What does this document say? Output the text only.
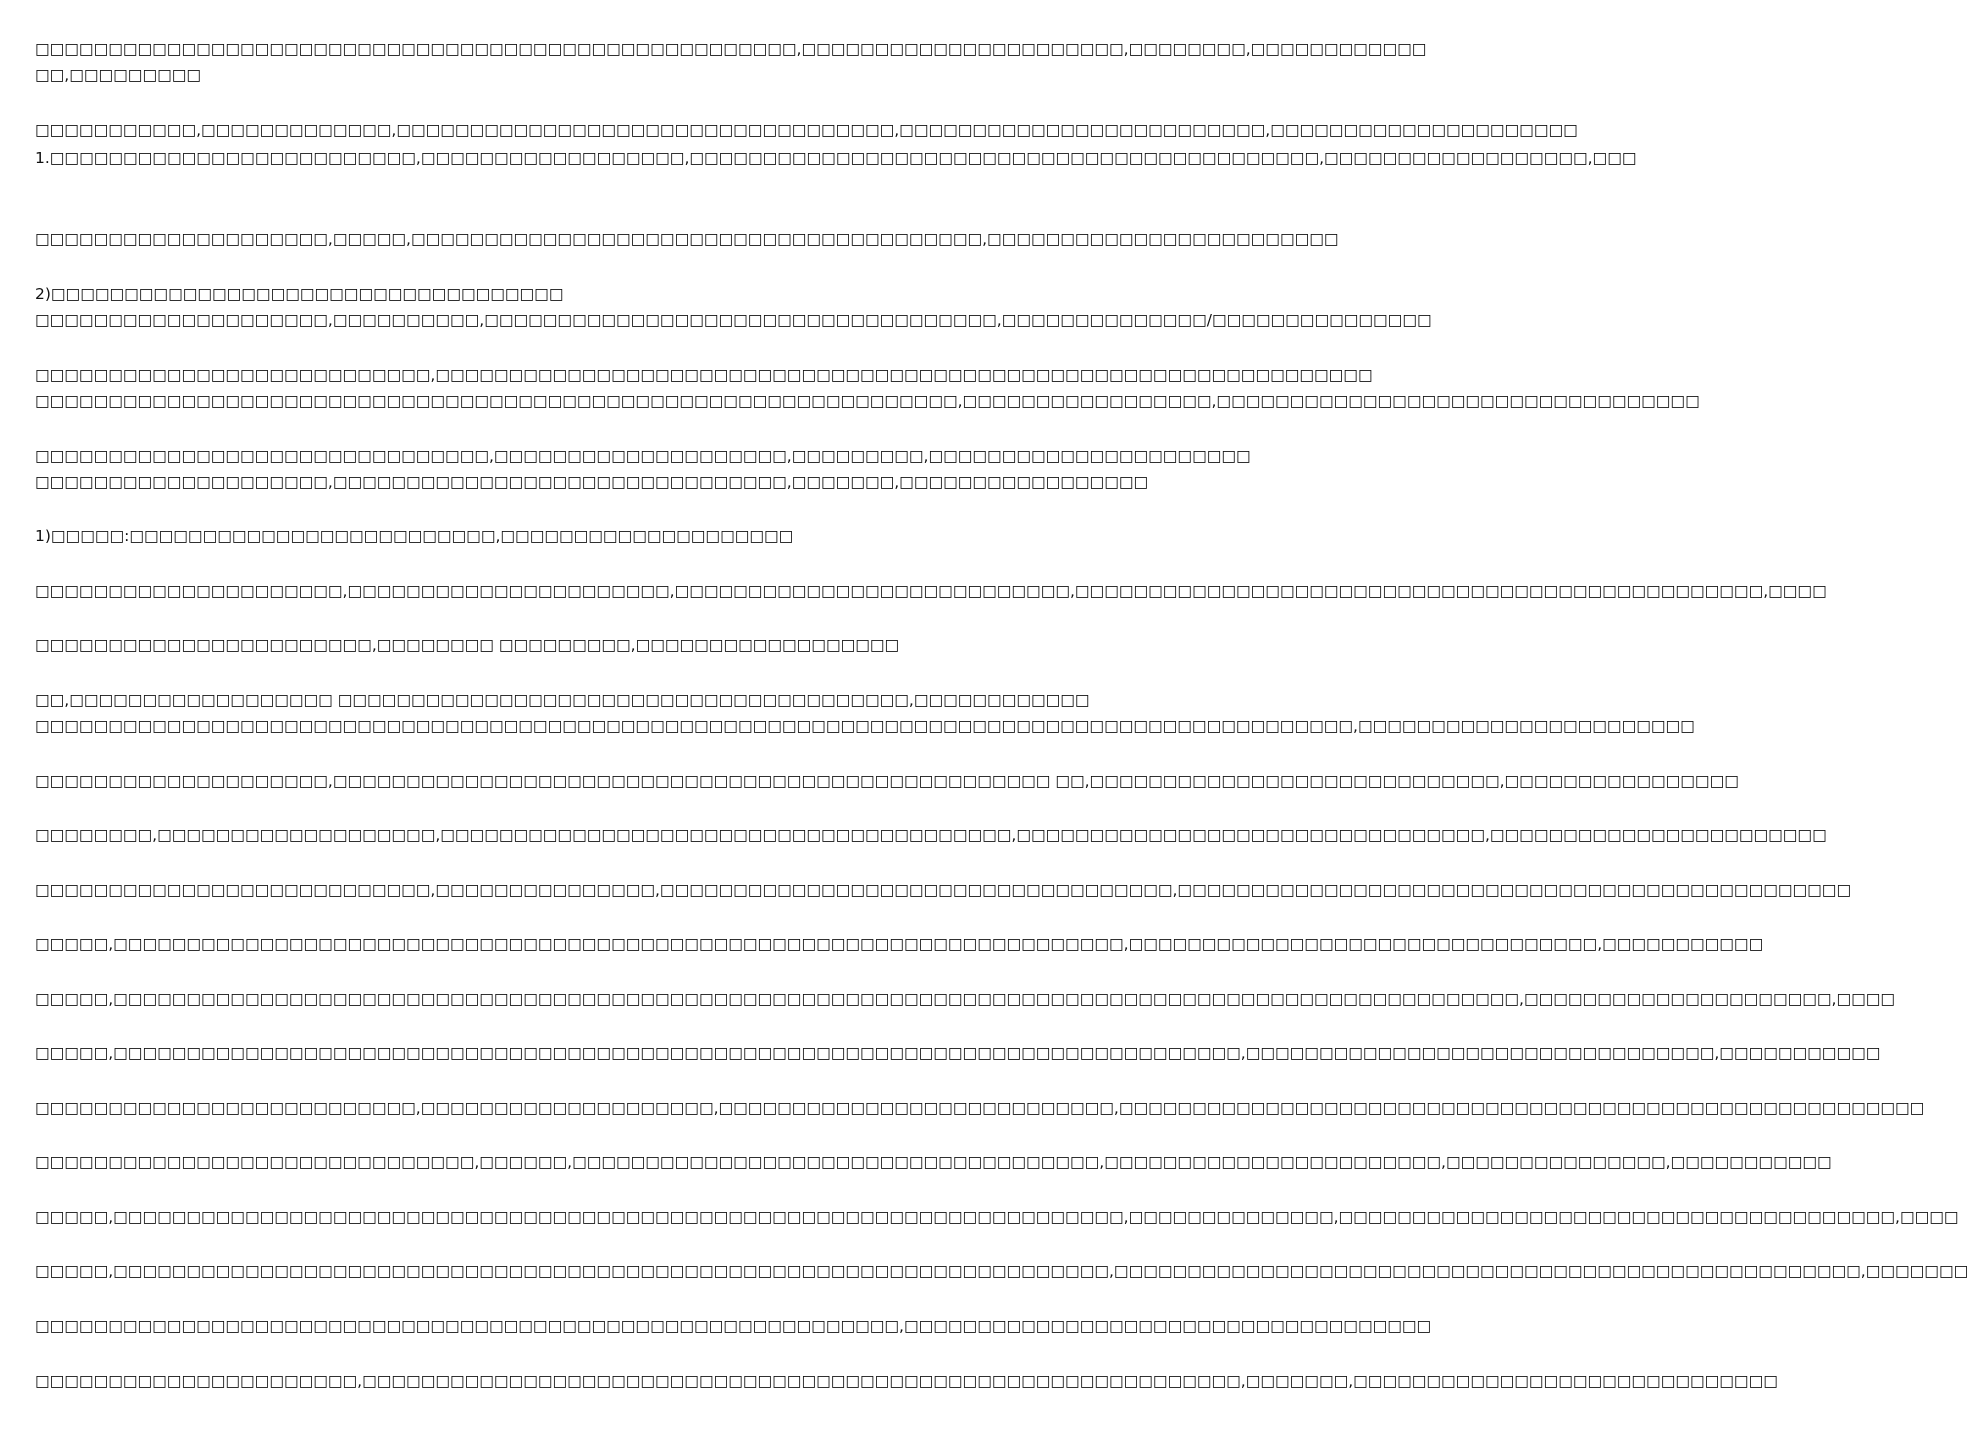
□□□□□□□□□□□□□□□□□□□□□□□□□□□□□□□□□□□□□□□□□□□□□□□□□□□□,□□□□□□□□□□□□□□□□□□□□□□,□□□□□□□□,□□□□□□□□□□□□
□□,□□□□□□□□□
□□□□□□□□□□□,□□□□□□□□□□□□□,□□□□□□□□□□□□□□□□□□□□□□□□□□□□□□□□□□,□□□□□□□□□□□□□□□□□□□□□□□□□,□□□□□□□□□□□□□□□□□□□□□
1.□□□□□□□□□□□□□□□□□□□□□□□□□,□□□□□□□□□□□□□□□□□□,□□□□□□□□□□□□□□□□□□□□□□□□□□□□□□□□□□□□□□□□□□□,□□□□□□□□□□□□□□□□□□,□□□
□□□□□□□□□□□□□□□□□□□□,□□□□□,□□□□□□□□□□□□□□□□□□□□□□□□□□□□□□□□□□□□□□□,□□□□□□□□□□□□□□□□□□□□□□□□
2)□□□□□□□□□□□□□□□□□□□□□□□□□□□□□□□□□□□
□□□□□□□□□□□□□□□□□□□□,□□□□□□□□□□,□□□□□□□□□□□□□□□□□□□□□□□□□□□□□□□□□□□,□□□□□□□□□□□□□□/□□□□□□□□□□□□□□□
□□□□□□□□□□□□□□□□□□□□□□□□□□□,□□□□□□□□□□□□□□□□□□□□□□□□□□□□□□□□□□□□□□□□□□□□□□□□□□□□□□□□□□□□□□□□
□□□□□□□□□□□□□□□□□□□□□□□□□□□□□□□□□□□□□□□□□□□□□□□□□□□□□□□□□□□□□□□,□□□□□□□□□□□□□□□□□,□□□□□□□□□□□□□□□□□□□□□□□□□□□□□□□□□
□□□□□□□□□□□□□□□□□□□□□□□□□□□□□□□,□□□□□□□□□□□□□□□□□□□□,□□□□□□□□□,□□□□□□□□□□□□□□□□□□□□□□
□□□□□□□□□□□□□□□□□□□□,□□□□□□□□□□□□□□□□□□□□□□□□□□□□□□□,□□□□□□□,□□□□□□□□□□□□□□□□□
1)□□□□□:□□□□□□□□□□□□□□□□□□□□□□□□□,□□□□□□□□□□□□□□□□□□□□
□□□□□□□□□□□□□□□□□□□□□,□□□□□□□□□□□□□□□□□□□□□□,□□□□□□□□□□□□□□□□□□□□□□□□□□□,□□□□□□□□□□□□□□□□□□□□□□□□□□□□□□□□□□□□□□□□□□□□□□□,□□□□
□□□□□□□□□□□□□□□□□□□□□□□,□□□□□□□□ □□□□□□□□□,□□□□□□□□□□□□□□□□□□
□□,□□□□□□□□□□□□□□□□□□ □□□□□□□□□□□□□□□□□□□□□□□□□□□□□□□□□□□□□□□,□□□□□□□□□□□□
□□□□□□□□□□□□□□□□□□□□□□□□□□□□□□□□□□□□□□□□□□□□□□□□□□□□□□□□□□□□□□□□□□□□□□□□□□□□□□□□□□□□□□□□□□,□□□□□□□□□□□□□□□□□□□□□□□
□□□□□□□□□□□□□□□□□□□□,□□□□□□□□□□□□□□□□□□□□□□□□□□□□□□□□□□□□□□□□□□□□□□□□□ □□,□□□□□□□□□□□□□□□□□□□□□□□□□□□□,□□□□□□□□□□□□□□□□
□□□□□□□□,□□□□□□□□□□□□□□□□□□□,□□□□□□□□□□□□□□□□□□□□□□□□□□□□□□□□□□□□□□□,□□□□□□□□□□□□□□□□□□□□□□□□□□□□□□□□,□□□□□□□□□□□□□□□□□□□□□□□
□□□□□□□□□□□□□□□□□□□□□□□□□□□,□□□□□□□□□□□□□□□,□□□□□□□□□□□□□□□□□□□□□□□□□□□□□□□□□□□,□□□□□□□□□□□□□□□□□□□□□□□□□□□□□□□□□□□□□□□□□□□□□□
□□□□□,□□□□□□□□□□□□□□□□□□□□□□□□□□□□□□□□□□□□□□□□□□□□□□□□□□□□□□□□□□□□□□□□□□□□□,□□□□□□□□□□□□□□□□□□□□□□□□□□□□□□□□,□□□□□□□□□□□
□□□□□,□□□□□□□□□□□□□□□□□□□□□□□□□□□□□□□□□□□□□□□□□□□□□□□□□□□□□□□□□□□□□□□□□□□□□□□□□□□□□□□□□□□□□□□□□□□□□□□□,□□□□□□□□□□□□□□□□□□□□□,□□□□
□□□□□,□□□□□□□□□□□□□□□□□□□□□□□□□□□□□□□□□□□□□□□□□□□□□□□□□□□□□□□□□□□□□□□□□□□□□□□□□□□□□,□□□□□□□□□□□□□□□□□□□□□□□□□□□□□□□□,□□□□□□□□□□□
□□□□□□□□□□□□□□□□□□□□□□□□□□,□□□□□□□□□□□□□□□□□□□□,□□□□□□□□□□□□□□□□□□□□□□□□□□□,□□□□□□□□□□□□□□□□□□□□□□□□□□□□□□□□□□□□□□□□□□□□□□□□□□□□□□□
□□□□□□□□□□□□□□□□□□□□□□□□□□□□□□,□□□□□□,□□□□□□□□□□□□□□□□□□□□□□□□□□□□□□□□□□□□,□□□□□□□□□□□□□□□□□□□□□□□,□□□□□□□□□□□□□□□,□□□□□□□□□□□
□□□□□,□□□□□□□□□□□□□□□□□□□□□□□□□□□□□□□□□□□□□□□□□□□□□□□□□□□□□□□□□□□□□□□□□□□□□,□□□□□□□□□□□□□□,□□□□□□□□□□□□□□□□□□□□□□□□□□□□□□□□□□□□□□,□□□□
□□□□□,□□□□□□□□□□□□□□□□□□□□□□□□□□□□□□□□□□□□□□□□□□□□□□□□□□□□□□□□□□□□□□□□□□□□,□□□□□□□□□□□□□□□□□□□□□□□□□□□□□□□□□□□□□□□□□□□□□□□□□□□,□□□□□□□
□□□□□□□□□□□□□□□□□□□□□□□□□□□□□□□□□□□□□□□□□□□□□□□□□□□□□□□□□□□,□□□□□□□□□□□□□□□□□□□□□□□□□□□□□□□□□□□□
□□□□□□□□□□□□□□□□□□□□□□,□□□□□□□□□□□□□□□□□□□□□□□□□□□□□□□□□□□□□□□□□□□□□□□□□□□□□□□□□□□□,□□□□□□□,□□□□□□□□□□□□□□□□□□□□□□□□□□□□□
